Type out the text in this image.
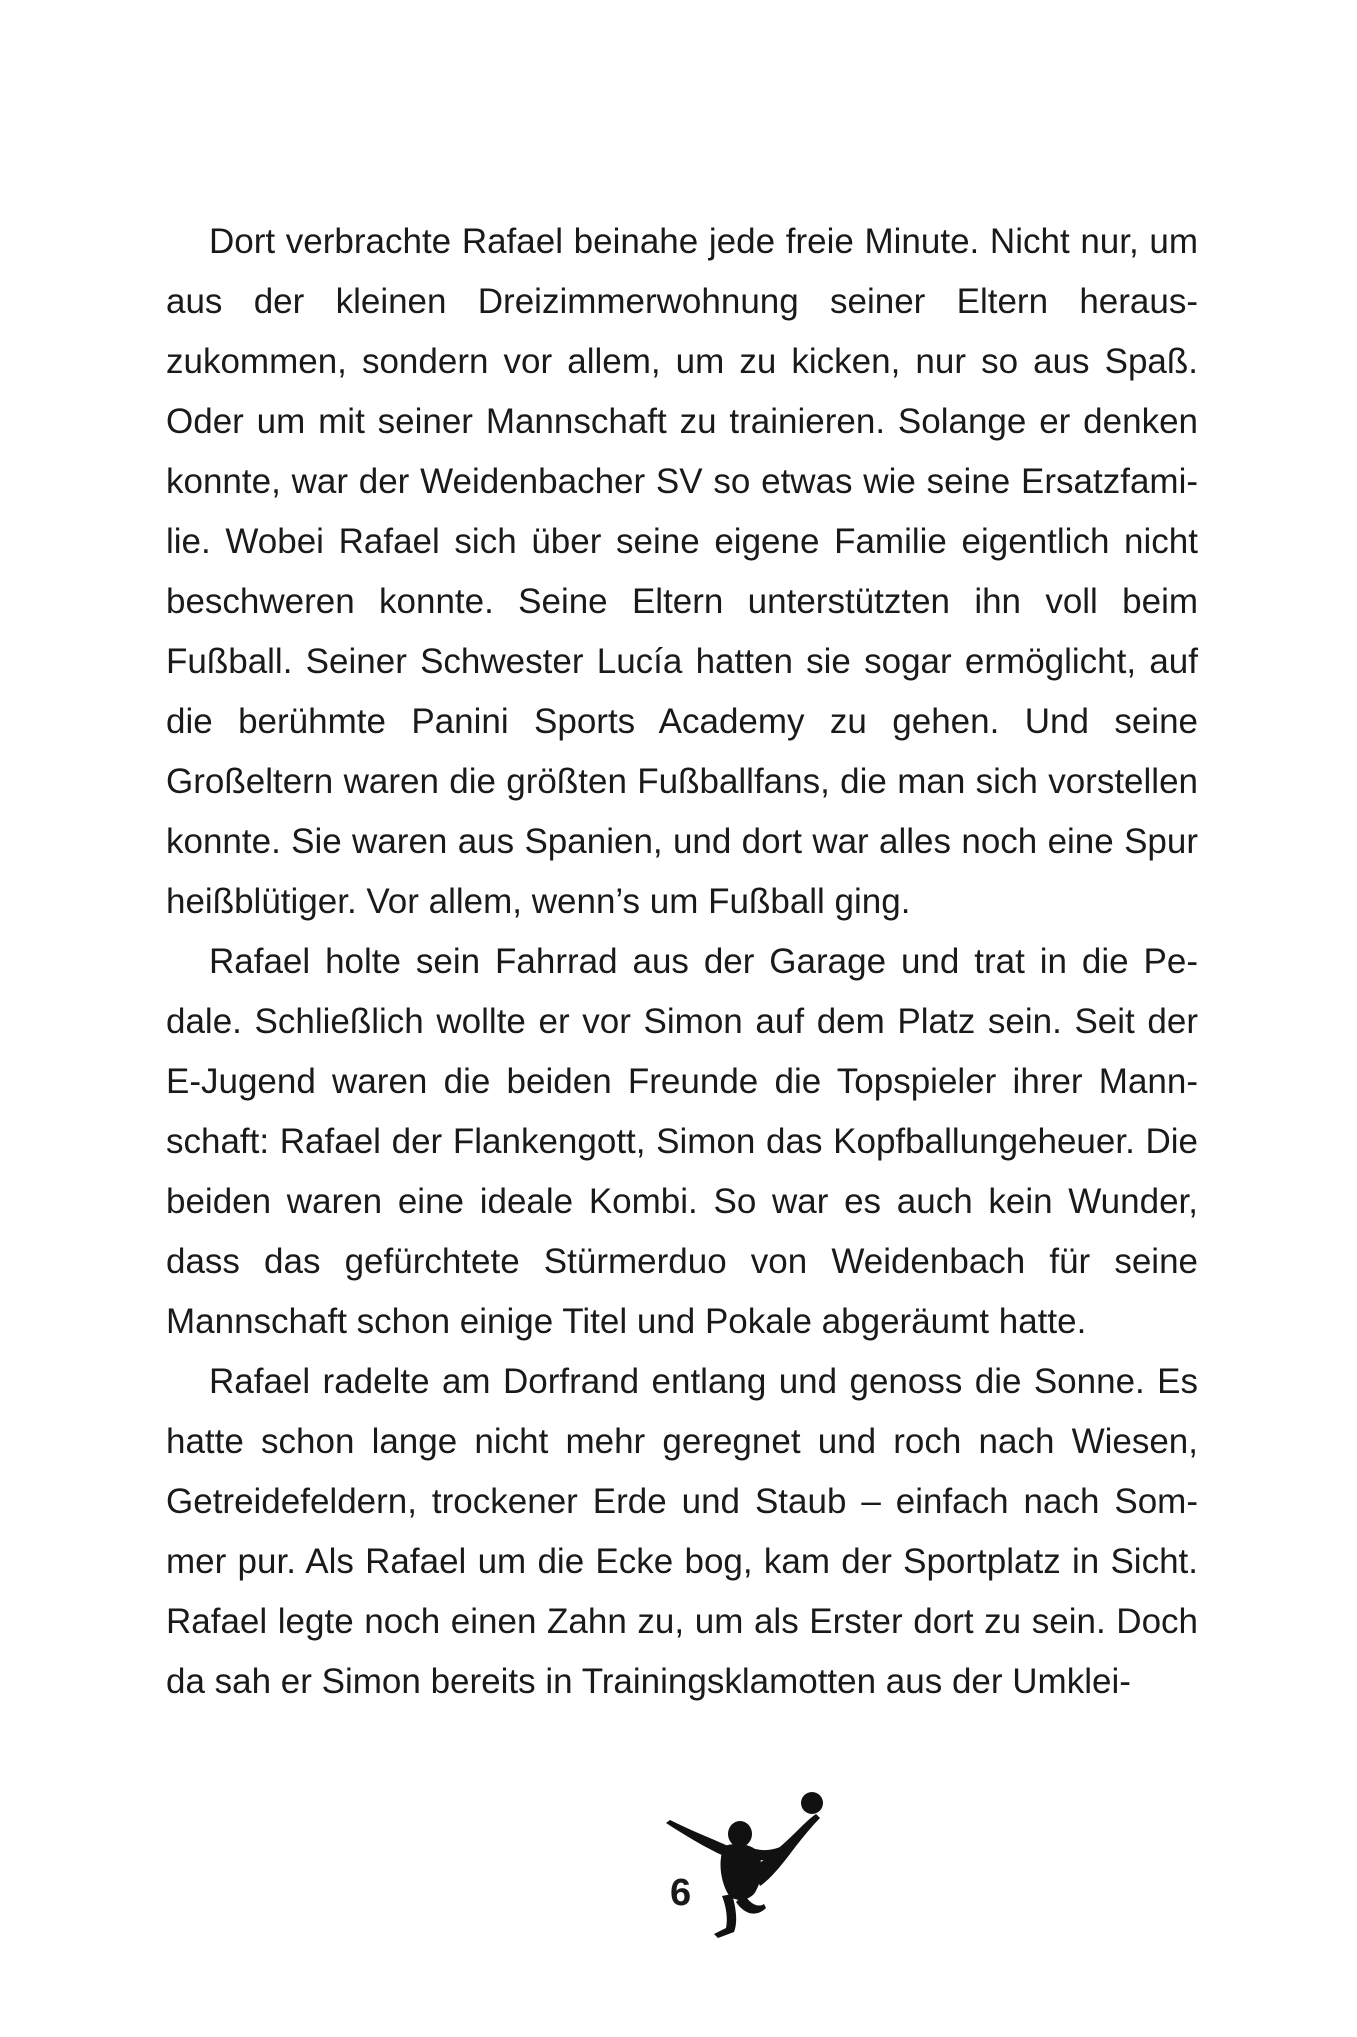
Dort verbrachte Rafael beinahe jede freie Minute. Nicht nur, um aus der kleinen Dreizimmerwohnung seiner Eltern herauszukommen, sondern vor allem, um zu kicken, nur so aus Spaß. Oder um mit seiner Mannschaft zu trainieren. Solange er denken konnte, war der Weidenbacher SV so etwas wie seine Ersatzfamilie. Wobei Rafael sich über seine eigene Familie eigentlich nicht beschweren konnte. Seine Eltern unterstützten ihn voll beim Fußball. Seiner Schwester Lucía hatten sie sogar ermöglicht, auf die berühmte Panini Sports Academy zu gehen. Und seine Großeltern waren die größten Fußballfans, die man sich vorstellen konnte. Sie waren aus Spanien, und dort war alles noch eine Spur heißblütiger. Vor allem, wenn’s um Fußball ging.

Rafael holte sein Fahrrad aus der Garage und trat in die Pedale. Schließlich wollte er vor Simon auf dem Platz sein. Seit der E-Jugend waren die beiden Freunde die Topspieler ihrer Mannschaft: Rafael der Flankengott, Simon das Kopfballungeheuer. Die beiden waren eine ideale Kombi. So war es auch kein Wunder, dass das gefürchtete Stürmerduo von Weidenbach für seine Mannschaft schon einige Titel und Pokale abgeräumt hatte.

Rafael radelte am Dorfrand entlang und genoss die Sonne. Es hatte schon lange nicht mehr geregnet und roch nach Wiesen, Getreidefeldern, trockener Erde und Staub – einfach nach Sommer pur. Als Rafael um die Ecke bog, kam der Sportplatz in Sicht. Rafael legte noch einen Zahn zu, um als Erster dort zu sein. Doch da sah er Simon bereits in Trainingsklamotten aus der Umklei-

6
